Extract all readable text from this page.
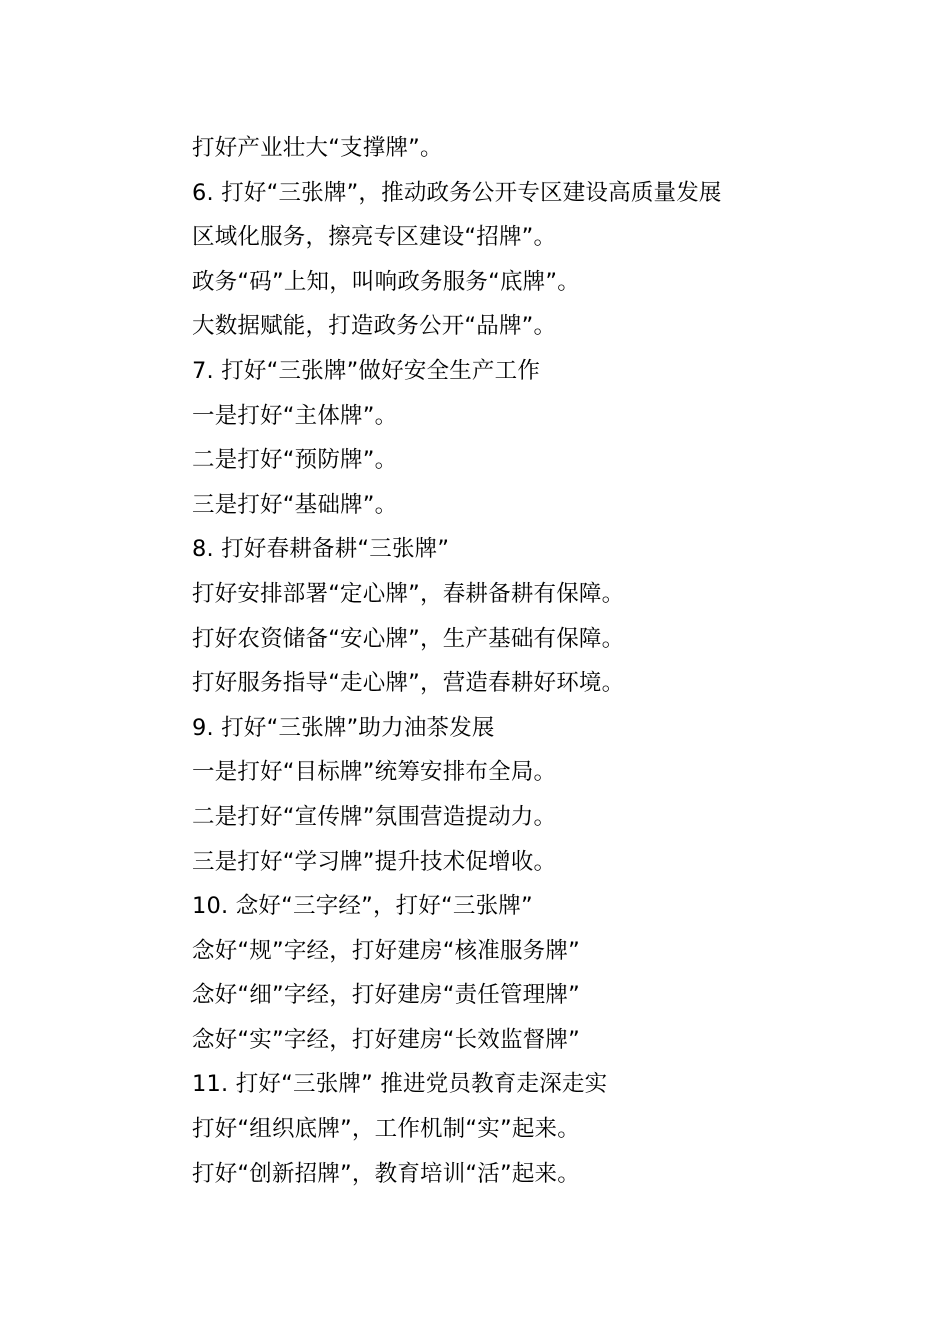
打好产业壮大“支撑牌”。
6. 打好“三张牌”，推动政务公开专区建设高质量发展
区域化服务，擦亮专区建设“招牌”。
政务“码”上知，叫响政务服务“底牌”。
大数据赋能，打造政务公开“品牌”。
7. 打好“三张牌”做好安全生产工作
一是打好“主体牌”。
二是打好“预防牌”。
三是打好“基础牌”。
8. 打好春耕备耕“三张牌”
打好安排部署“定心牌”，春耕备耕有保障。
打好农资储备“安心牌”，生产基础有保障。
打好服务指导“走心牌”，营造春耕好环境。
9. 打好“三张牌”助力油茶发展
一是打好“目标牌”统筹安排布全局。
二是打好“宣传牌”氛围营造提动力。
三是打好“学习牌”提升技术促增收。
10. 念好“三字经”，打好“三张牌”
念好“规”字经，打好建房“核准服务牌”
念好“细”字经，打好建房“责任管理牌”
念好“实”字经，打好建房“长效监督牌”
11. 打好“三张牌” 推进党员教育走深走实
打好“组织底牌”，工作机制“实”起来。
打好“创新招牌”，教育培训“活”起来。
